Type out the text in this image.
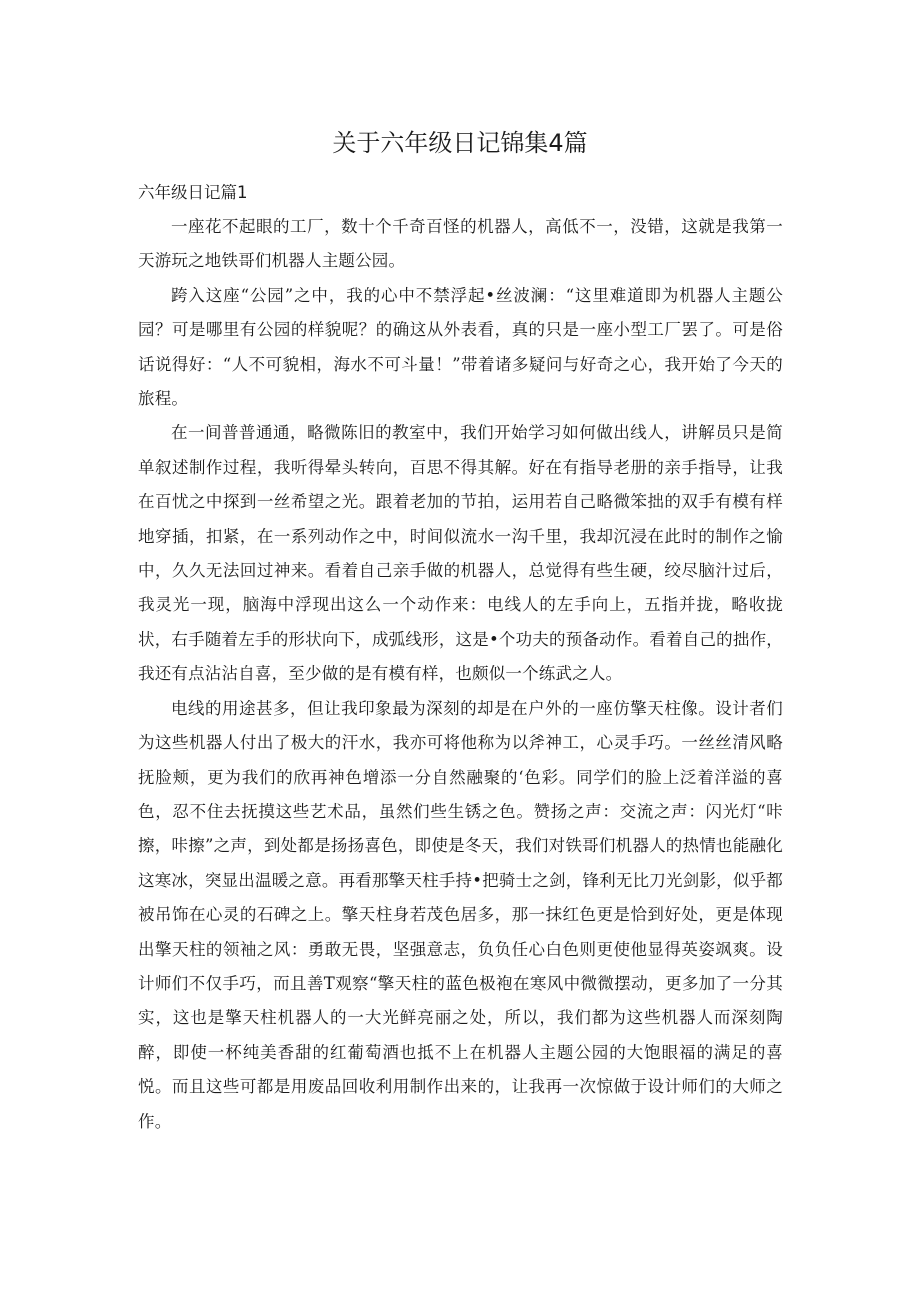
关于六年级日记锦集4篇

六年级日记篇1

一座花不起眼的工厂，数十个千奇百怪的机器人，高低不一，没错，这就是我第一天游玩之地铁哥们机器人主题公园。

跨入这座“公园”之中，我的心中不禁浮起•丝波澜：“这里难道即为机器人主题公园？可是哪里有公园的样貌呢？的确这从外表看，真的只是一座小型工厂罢了。可是俗话说得好：“人不可貌相，海水不可斗量！”带着诸多疑问与好奇之心，我开始了今天的旅程。

在一间普普通通，略微陈旧的教室中，我们开始学习如何做出线人，讲解员只是简单叙述制作过程，我听得晕头转向，百思不得其解。好在有指导老册的亲手指导，让我在百忧之中探到一丝希望之光。跟着老加的节拍，运用若自己略微笨拙的双手有模有样地穿插，扣紧，在一系列动作之中，时间似流水一沟千里，我却沉浸在此时的制作之愉中，久久无法回过神来。看着自己亲手做的机器人，总觉得有些生硬，绞尽脑汁过后，我灵光一现，脑海中浮现出这么一个动作来：电线人的左手向上，五指并拢，略收拢状，右手随着左手的形状向下，成弧线形，这是•个功夫的预备动作。看着自己的拙作，我还有点沾沾自喜，至少做的是有模有样，也颇似一个练武之人。

电线的用途甚多，但让我印象最为深刻的却是在户外的一座仿擎天柱像。设计者们为这些机器人付出了极大的汗水，我亦可将他称为以斧神工，心灵手巧。一丝丝清风略抚脸颊，更为我们的欣再神色增添一分自然融聚的‘色彩。同学们的脸上泛着洋溢的喜色，忍不住去抚摸这些艺术品，虽然们些生锈之色。赞扬之声：交流之声：闪光灯“咔擦，咔擦”之声，到处都是扬扬喜色，即使是冬天，我们对铁哥们机器人的热情也能融化这寒冰，突显出温暖之意。再看那擎天柱手持•把骑士之剑，锋利无比刀光剑影，似乎都被吊饰在心灵的石碑之上。擎天柱身若茂色居多，那一抹红色更是恰到好处，更是体现出擎天柱的领袖之风：勇敢无畏，坚强意志，负负任心白色则更使他显得英姿飒爽。设计师们不仅手巧，而且善T观察“擎天柱的蓝色极袍在寒风中微微摆动，更多加了一分其实，这也是擎天柱机器人的一大光鲜亮丽之处，所以，我们都为这些机器人而深刻陶醉，即使一杯纯美香甜的红葡萄酒也抵不上在机器人主题公园的大饱眼福的满足的喜悦。而且这些可都是用废品回收利用制作出来的，让我再一次惊做于设计师们的大师之作。
